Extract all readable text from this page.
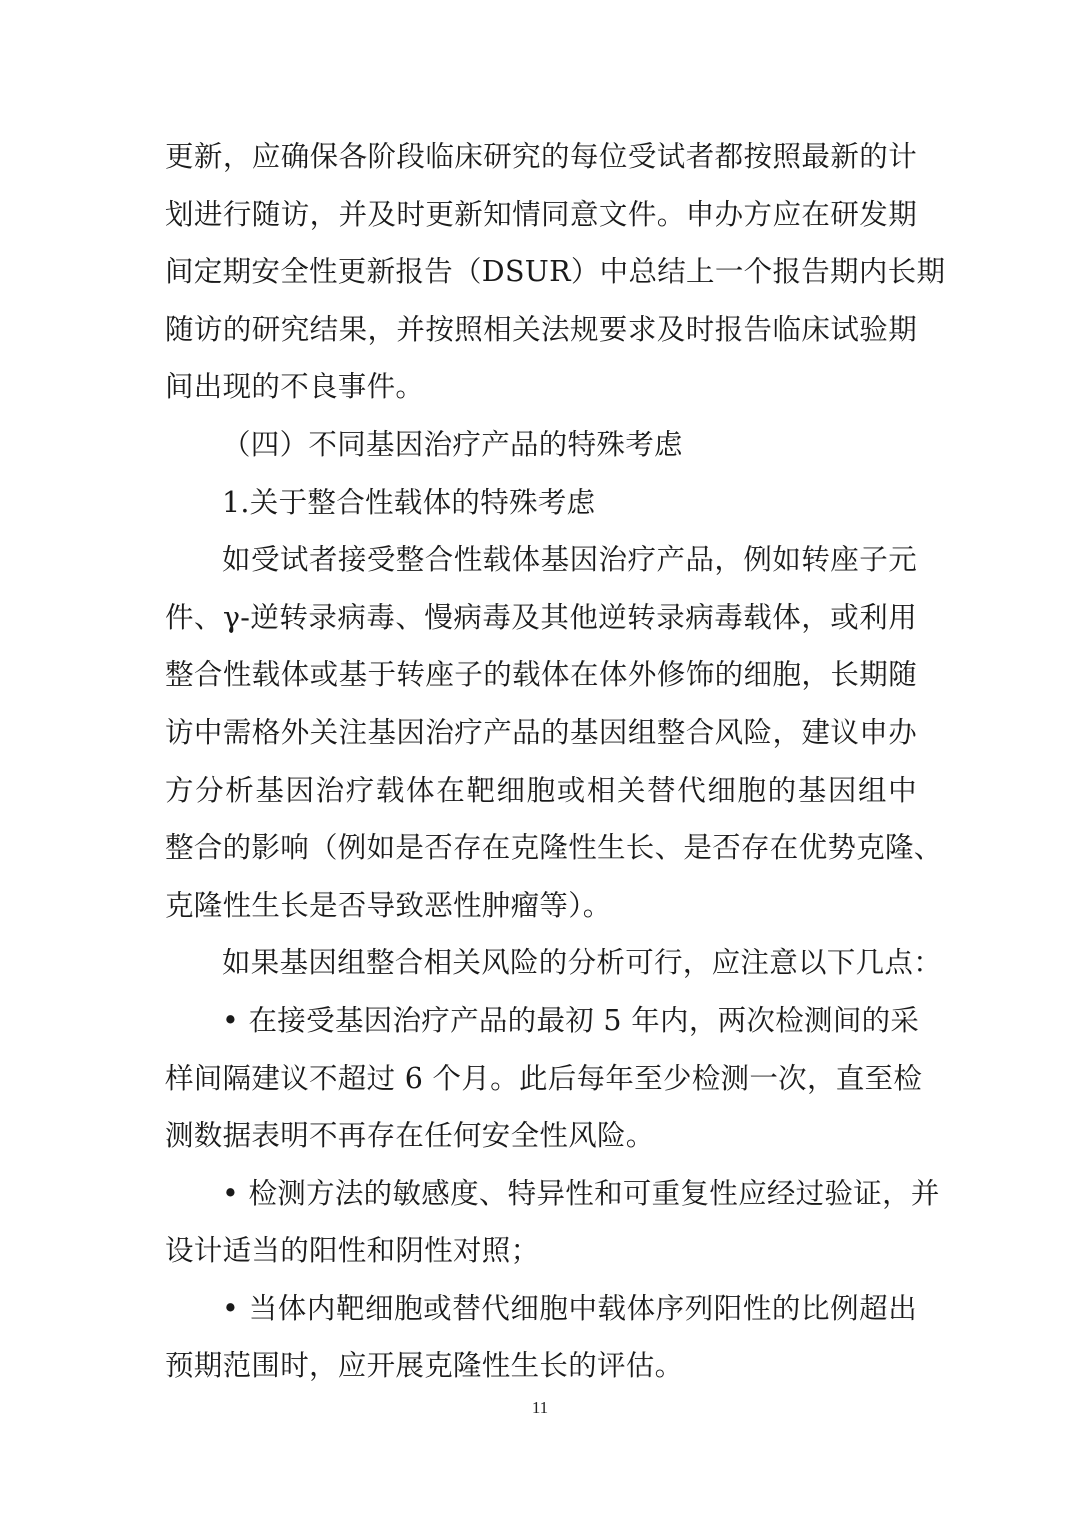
更新，应确保各阶段临床研究的每位受试者都按照最新的计
划进行随访，并及时更新知情同意文件。申办方应在研发期
间定期安全性更新报告（DSUR）中总结上一个报告期内长期
随访的研究结果，并按照相关法规要求及时报告临床试验期
间出现的不良事件。
（四）不同基因治疗产品的特殊考虑
1.关于整合性载体的特殊考虑
如受试者接受整合性载体基因治疗产品，例如转座子元
件、γ-逆转录病毒、慢病毒及其他逆转录病毒载体，或利用
整合性载体或基于转座子的载体在体外修饰的细胞，长期随
访中需格外关注基因治疗产品的基因组整合风险，建议申办
方分析基因治疗载体在靶细胞或相关替代细胞的基因组中
整合的影响（例如是否存在克隆性生长、是否存在优势克隆、
克隆性生长是否导致恶性肿瘤等）。
如果基因组整合相关风险的分析可行，应注意以下几点：
• 在接受基因治疗产品的最初 5 年内，两次检测间的采
样间隔建议不超过 6 个月。此后每年至少检测一次，直至检
测数据表明不再存在任何安全性风险。
• 检测方法的敏感度、特异性和可重复性应经过验证，并
设计适当的阳性和阴性对照；
• 当体内靶细胞或替代细胞中载体序列阳性的比例超出
预期范围时，应开展克隆性生长的评估。
11
